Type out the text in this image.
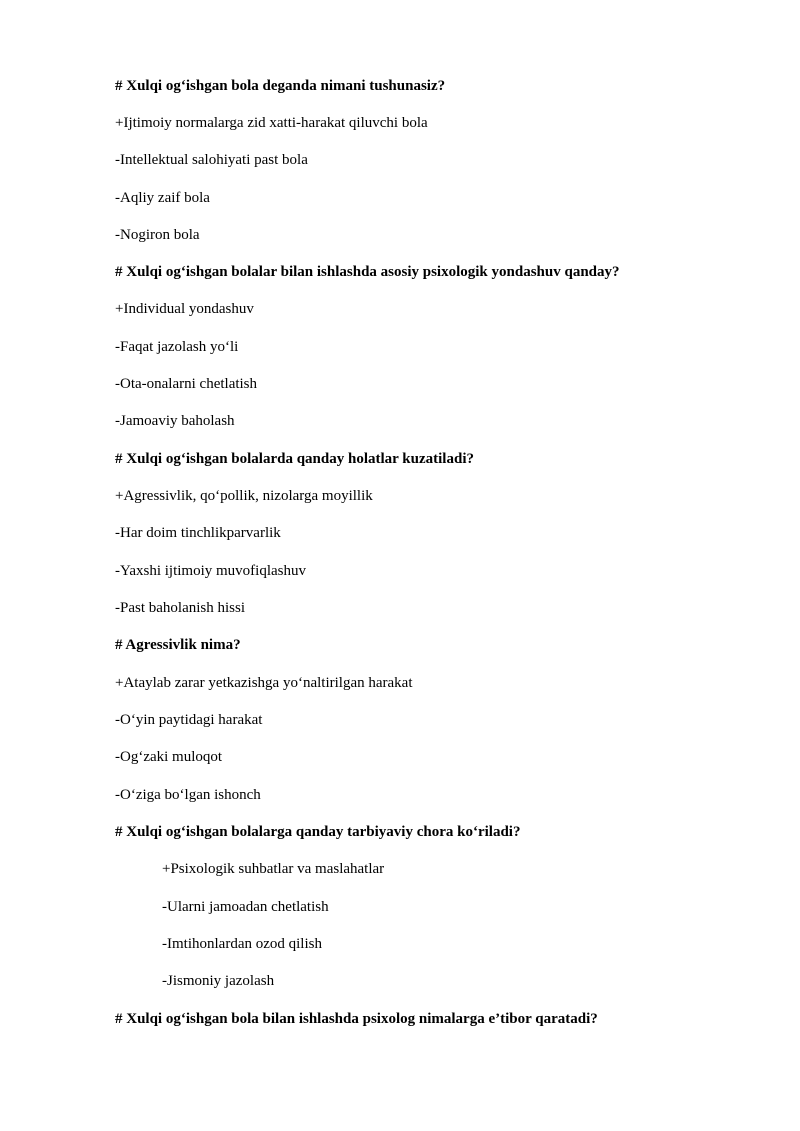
# Xulqi og‘ishgan bola deganda nimani tushunasiz?
+Ijtimoiy normalarga zid xatti-harakat qiluvchi bola
-Intellektual salohiyati past bola
-Aqliy zaif bola
-Nogiron bola
# Xulqi og‘ishgan bolalar bilan ishlashda asosiy psixologik yondashuv qanday?
+Individual yondashuv
-Faqat jazolash yo‘li
-Ota-onalarni chetlatish
-Jamoaviy baholash
# Xulqi og‘ishgan bolalarda qanday holatlar kuzatiladi?
+Agressivlik, qo‘pollik, nizolarga moyillik
-Har doim tinchlikparvarlik
-Yaxshi ijtimoiy muvofiqlashuv
-Past baholanish hissi
# Agressivlik nima?
+Ataylab zarar yetkazishga yo‘naltirilgan harakat
-O‘yin paytidagi harakat
-Og‘zaki muloqot
-O‘ziga bo‘lgan ishonch
# Xulqi og‘ishgan bolalarga qanday tarbiyaviy chora ko‘riladi?
+Psixologik suhbatlar va maslahatlar
-Ularni jamoadan chetlatish
-Imtihonlardan ozod qilish
-Jismoniy jazolash
# Xulqi og‘ishgan bola bilan ishlashda psixolog nimalarga e’tibor qaratadi?
